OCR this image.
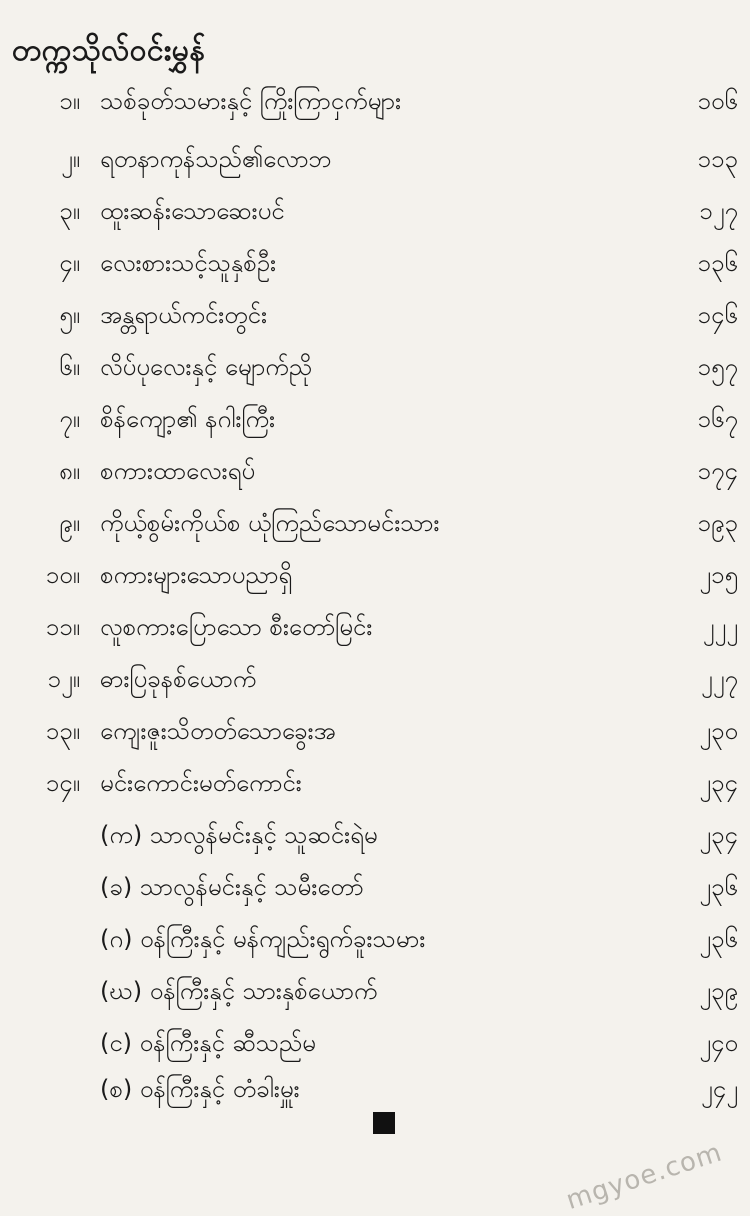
တက္ကသိုလ်ဝင်းမွှန်
၁။ သစ်ခုတ်သမားနှင့် ကြိုးကြာငှက်များ	၁၀၆
၂။ ရတနာကုန်သည်၏လောဘ	၁၁၃
၃။ ထူးဆန်းသောဆေးပင်	၁၂၇
၄။ လေးစားသင့်သူနှစ်ဦး	၁၃၆
၅။ အန္တရာယ်ကင်းတွင်း	၁၄၆
၆။ လိပ်ပုလေးနှင့် မျောက်ညို	၁၅၇
၇။ စိန်ကျော့၏ နဂါးကြီး	၁၆၇
၈။ စကားထာလေးရပ်	၁၇၄
၉။ ကိုယ့်စွမ်းကိုယ်စ ယုံကြည်သောမင်းသား	၁၉၃
၁၀။ စကားများသောပညာရှိ	၂၁၅
၁၁။ လူစကားပြောသော စီးတော်မြင်း	၂၂၂
၁၂။ ဓားပြခုနစ်ယောက်	၂၂၇
၁၃။ ကျေးဇူးသိတတ်သောခွေးအ	၂၃၀
၁၄။ မင်းကောင်းမတ်ကောင်း	၂၃၄
(က) သာလွန်မင်းနှင့် သူဆင်းရဲမ	၂၃၄
(ခ) သာလွန်မင်းနှင့် သမီးတော်	၂၃၆
(ဂ) ဝန်ကြီးနှင့် မန်ကျည်းရွက်ခူးသမား	၂၃၆
(ဃ) ဝန်ကြီးနှင့် သားနှစ်ယောက်	၂၃၉
(င) ဝန်ကြီးနှင့် ဆီသည်မ	၂၄၀
(စ) ဝန်ကြီးနှင့် တံခါးမှူး	၂၄၂
mgyoe.com
